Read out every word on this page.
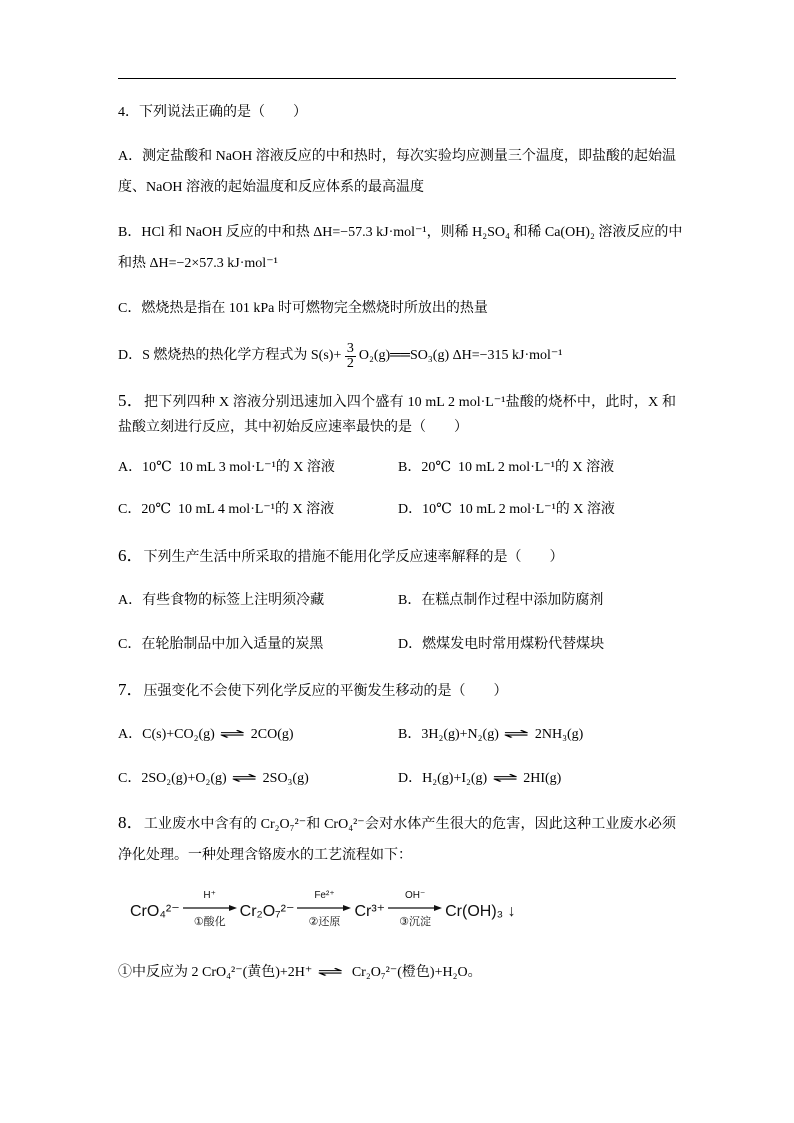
4．下列说法正确的是（　　）
A．测定盐酸和 NaOH 溶液反应的中和热时，每次实验均应测量三个温度，即盐酸的起始温
度、NaOH 溶液的起始温度和反应体系的最高温度
B．HCl 和 NaOH 反应的中和热 ΔH=−57.3 kJ·mol⁻¹，则稀 H₂SO₄ 和稀 Ca(OH)₂ 溶液反应的中
和热 ΔH=−2×57.3 kJ·mol⁻¹
C．燃烧热是指在 101 kPa 时可燃物完全燃烧时所放出的热量
D．S 燃烧热的热化学方程式为 $S(s)+ \frac{3}{2}$ O₂(g)══SO₃(g) ΔH=−315 kJ·mol⁻¹
5．把下列四种 X 溶液分别迅速加入四个盛有 10 mL 2 mol·L⁻¹盐酸的烧杯中，此时，X 和
盐酸立刻进行反应，其中初始反应速率最快的是（　　）
A．10℃  10 mL 3 mol·L⁻¹的 X 溶液	B．20℃  10 mL 2 mol·L⁻¹的 X 溶液
C．20℃  10 mL 4 mol·L⁻¹的 X 溶液	D．10℃  10 mL 2 mol·L⁻¹的 X 溶液
6．下列生产生活中所采取的措施不能用化学反应速率解释的是（　　）
A．有些食物的标签上注明须冷藏	B．在糕点制作过程中添加防腐剂
C．在轮胎制品中加入适量的炭黑	D．燃煤发电时常用煤粉代替煤块
7．压强变化不会使下列化学反应的平衡发生移动的是（　　）
A． C(s)+CO₂(g) ⇌ 2CO(g)	B． 3H₂(g)+N₂(g) ⇌ 2NH₃(g)
C． 2SO₂(g)+O₂(g) ⇌ 2SO₃(g)	D． H₂(g)+I₂(g) ⇌ 2HI(g)
8．工业废水中含有的 Cr₂O₇²⁻和 CrO₄²⁻会对水体产生很大的危害，因此这种工业废水必须
净化处理。一种处理含铬废水的工艺流程如下：
CrO₄²⁻
H⁺
①酸化
Cr₂O₇²⁻
Fe²⁺
②还原
Cr³⁺
OH⁻
③沉淀
Cr(OH)₃ ↓
①中反应为 2 CrO₄²⁻(黄色)+2H⁺ ⇌ Cr₂O₇²⁻(橙色)+H₂O。
